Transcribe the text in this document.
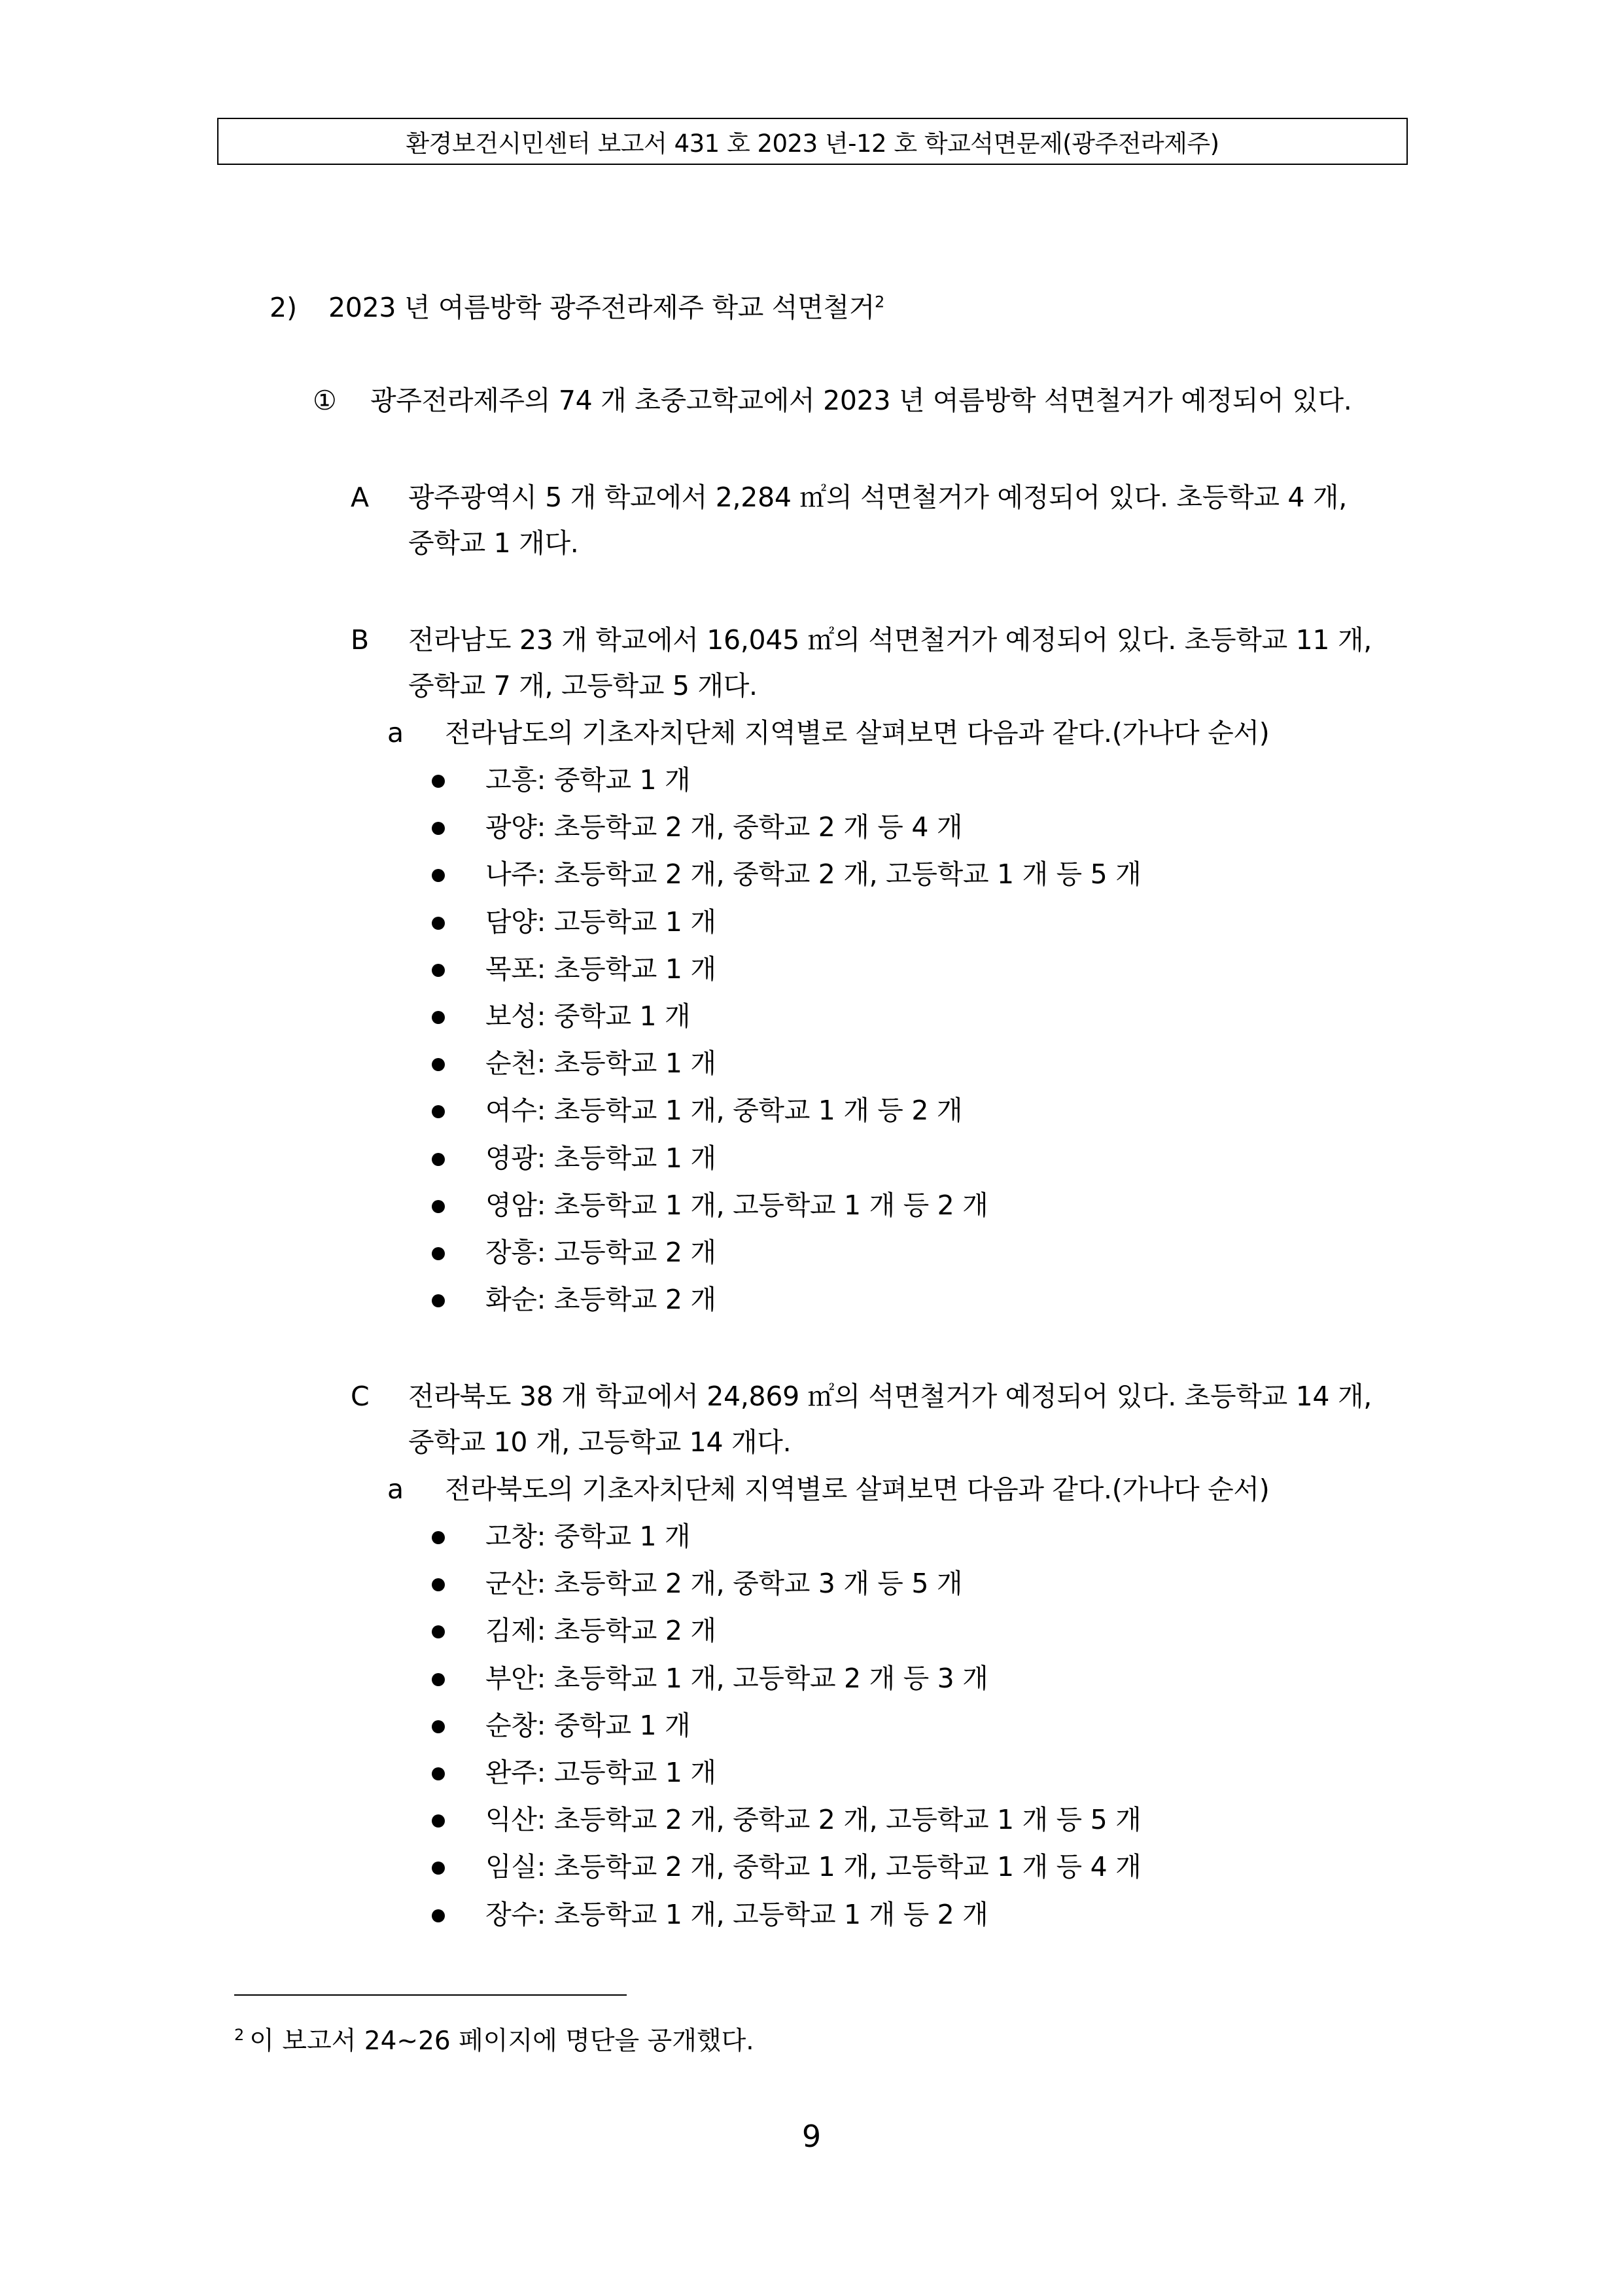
환경보건시민센터 보고서 431 호 2023 년-12 호 학교석면문제(광주전라제주)
2) 2023 년 여름방학 광주전라제주 학교 석면철거$^2$
① 광주전라제주의 74 개 초중고학교에서 2023 년 여름방학 석면철거가 예정되어 있다.
A 광주광역시 5 개 학교에서 2,284 ㎡의 석면철거가 예정되어 있다. 초등학교 4 개,
중학교 1 개다.
B 전라남도 23 개 학교에서 16,045 ㎡의 석면철거가 예정되어 있다. 초등학교 11 개,
중학교 7 개, 고등학교 5 개다.
a 전라남도의 기초자치단체 지역별로 살펴보면 다음과 같다.(가나다 순서)
고흥: 중학교 1 개
광양: 초등학교 2 개, 중학교 2 개 등 4 개
나주: 초등학교 2 개, 중학교 2 개, 고등학교 1 개 등 5 개
담양: 고등학교 1 개
목포: 초등학교 1 개
보성: 중학교 1 개
순천: 초등학교 1 개
여수: 초등학교 1 개, 중학교 1 개 등 2 개
영광: 초등학교 1 개
영암: 초등학교 1 개, 고등학교 1 개 등 2 개
장흥: 고등학교 2 개
화순: 초등학교 2 개
C 전라북도 38 개 학교에서 24,869 ㎡의 석면철거가 예정되어 있다. 초등학교 14 개,
중학교 10 개, 고등학교 14 개다.
a 전라북도의 기초자치단체 지역별로 살펴보면 다음과 같다.(가나다 순서)
고창: 중학교 1 개
군산: 초등학교 2 개, 중학교 3 개 등 5 개
김제: 초등학교 2 개
부안: 초등학교 1 개, 고등학교 2 개 등 3 개
순창: 중학교 1 개
완주: 고등학교 1 개
익산: 초등학교 2 개, 중학교 2 개, 고등학교 1 개 등 5 개
임실: 초등학교 2 개, 중학교 1 개, 고등학교 1 개 등 4 개
장수: 초등학교 1 개, 고등학교 1 개 등 2 개
$^2$ 이 보고서 24~26 페이지에 명단을 공개했다.
9
